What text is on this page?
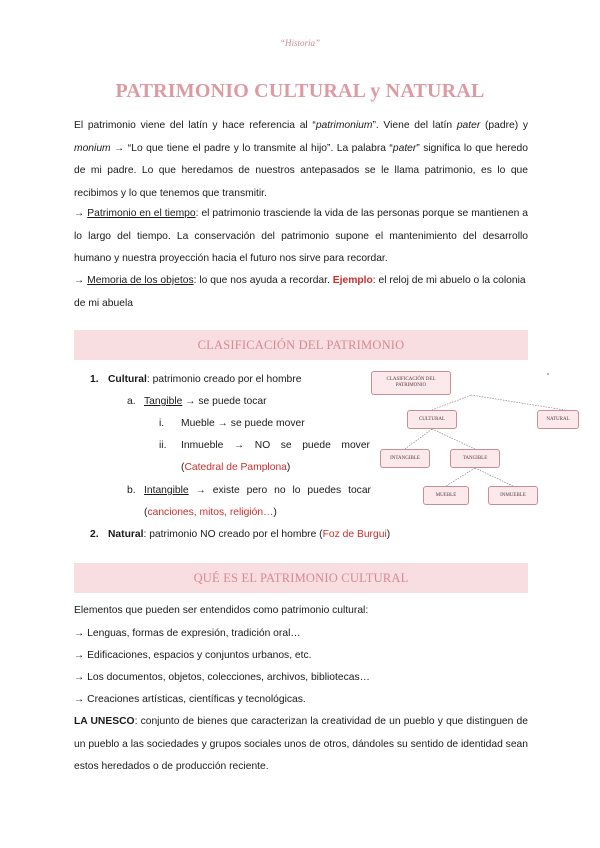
“Historia”
PATRIMONIO CULTURAL y NATURAL

El patrimonio viene del latín y hace referencia al “patrimonium”. Viene del latín pater (padre) y monium → “Lo que tiene el padre y lo transmite al hijo”. La palabra “pater” significa lo que heredo de mi padre. Lo que heredamos de nuestros antepasados se le llama patrimonio, es lo que recibimos y lo que tenemos que transmitir.

→ Patrimonio en el tiempo: el patrimonio trasciende la vida de las personas porque se mantienen a lo largo del tiempo. La conservación del patrimonio supone el mantenimiento del desarrollo humano y nuestra proyección hacia el futuro nos sirve para recordar.

→ Memoria de los objetos: lo que nos ayuda a recordar. Ejemplo: el reloj de mi abuelo o la colonia de mi abuela

CLASIFICACIÓN DEL PATRIMONIO
1. Cultural: patrimonio creado por el hombre
a. Tangible → se puede tocar
i. Mueble → se puede mover
ii. Inmueble → NO se puede mover
(Catedral de Pamplona)
b. Intangible → existe pero no lo puedes tocar
(canciones, mitos, religión…)
2. Natural: patrimonio NO creado por el hombre (Foz de Burgui)
CLASIFICACIÓN DEL PATRIMONIO
CULTURAL	NATURAL
INTANGIBLE	TANGIBLE
MUEBLE	INMUEBLE
QUÉ ES EL PATRIMONIO CULTURAL
Elementos que pueden ser entendidos como patrimonio cultural:
→ Lenguas, formas de expresión, tradición oral…
→ Edificaciones, espacios y conjuntos urbanos, etc.
→ Los documentos, objetos, colecciones, archivos, bibliotecas…
→ Creaciones artísticas, científicas y tecnológicas.

LA UNESCO: conjunto de bienes que caracterizan la creatividad de un pueblo y que distinguen de un pueblo a las sociedades y grupos sociales unos de otros, dándoles su sentido de identidad sean estos heredados o de producción reciente.
